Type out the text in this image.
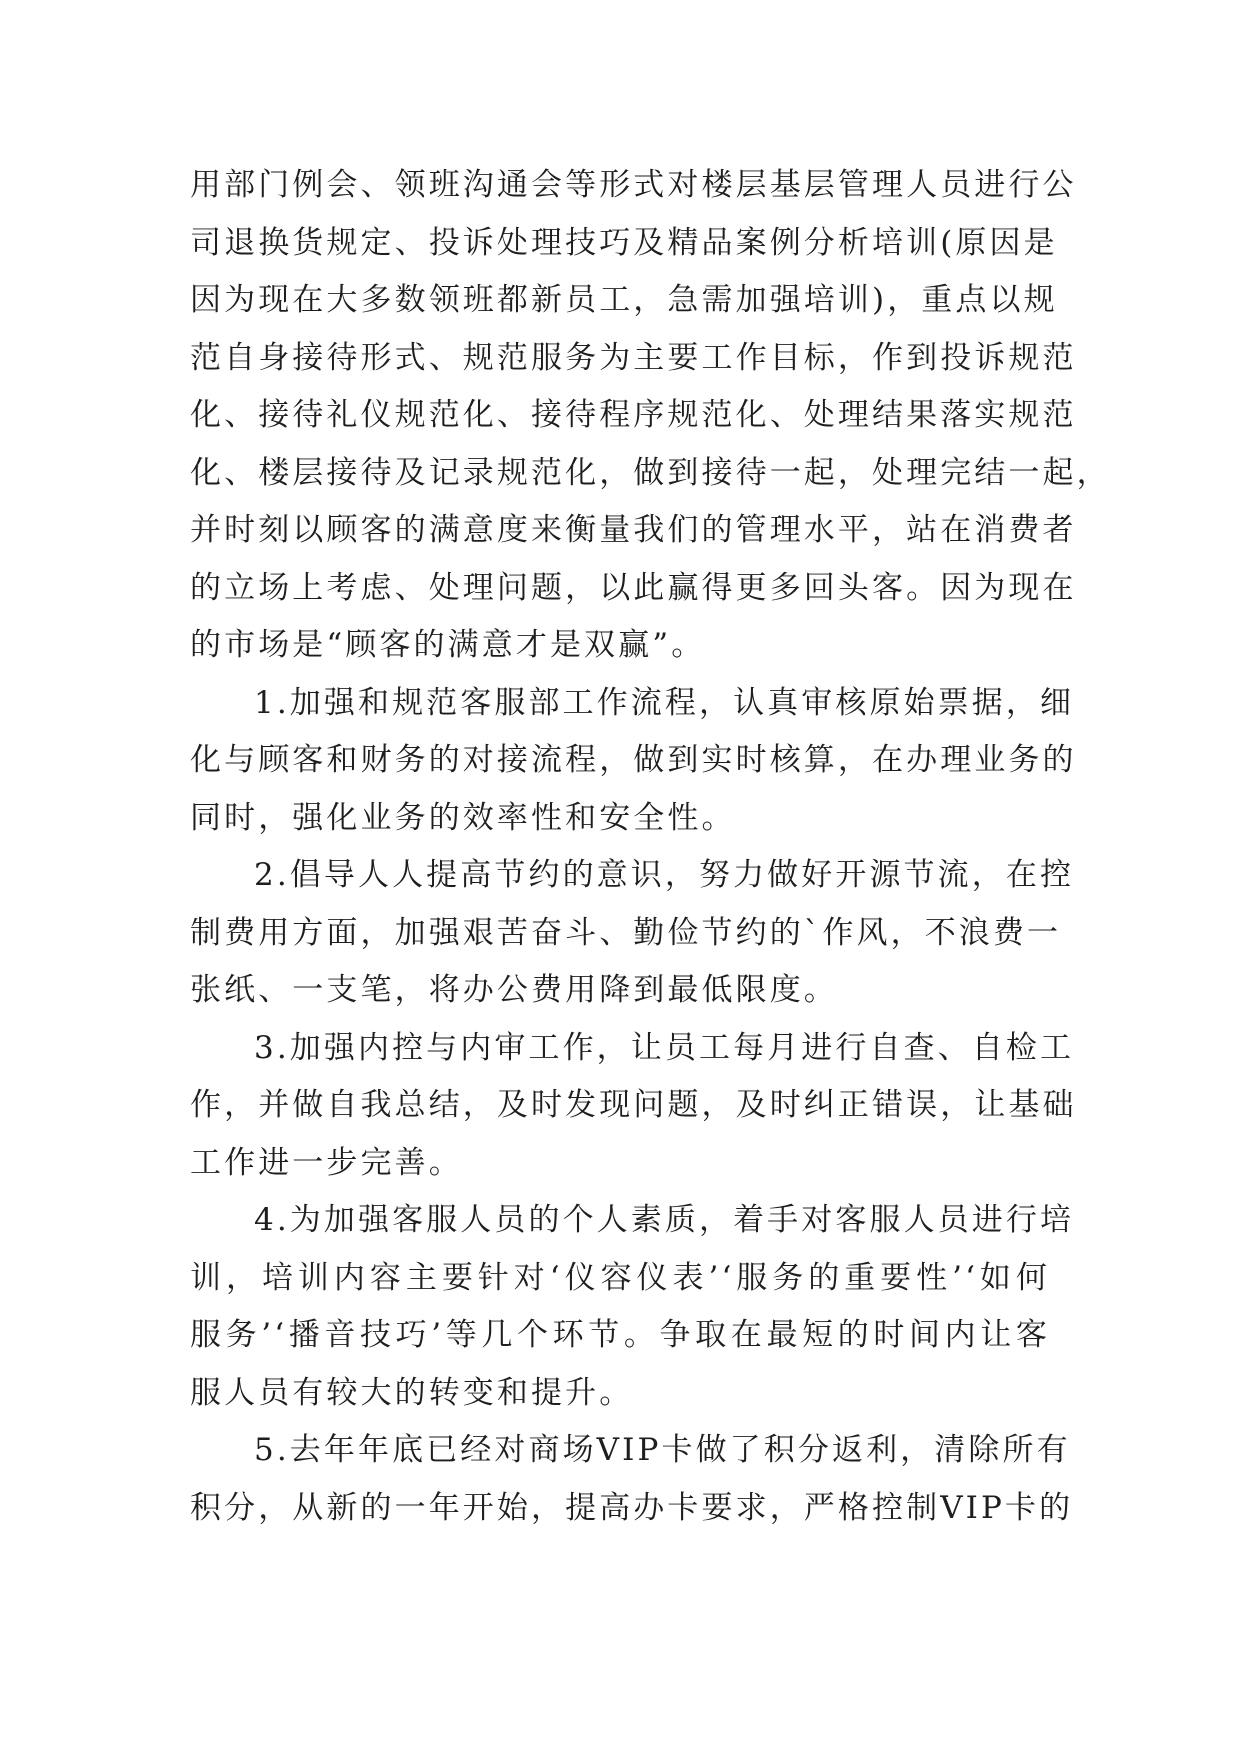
用部门例会、领班沟通会等形式对楼层基层管理人员进行公
司退换货规定、投诉处理技巧及精品案例分析培训(原因是
因为现在大多数领班都新员工，急需加强培训)，重点以规
范自身接待形式、规范服务为主要工作目标，作到投诉规范
化、接待礼仪规范化、接待程序规范化、处理结果落实规范
化、楼层接待及记录规范化，做到接待一起，处理完结一起，
并时刻以顾客的满意度来衡量我们的管理水平，站在消费者
的立场上考虑、处理问题，以此赢得更多回头客。因为现在
的市场是“顾客的满意才是双赢”。
1.加强和规范客服部工作流程，认真审核原始票据，细
化与顾客和财务的对接流程，做到实时核算，在办理业务的
同时，强化业务的效率性和安全性。
2.倡导人人提高节约的意识，努力做好开源节流，在控
制费用方面，加强艰苦奋斗、勤俭节约的`作风，不浪费一
张纸、一支笔，将办公费用降到最低限度。
3.加强内控与内审工作，让员工每月进行自查、自检工
作，并做自我总结，及时发现问题，及时纠正错误，让基础
工作进一步完善。
4.为加强客服人员的个人素质，着手对客服人员进行培
训，培训内容主要针对‘仪容仪表’‘服务的重要性’‘如何
服务’‘播音技巧’等几个环节。争取在最短的时间内让客
服人员有较大的转变和提升。
5.去年年底已经对商场VIP卡做了积分返利，清除所有
积分，从新的一年开始，提高办卡要求，严格控制VIP卡的
